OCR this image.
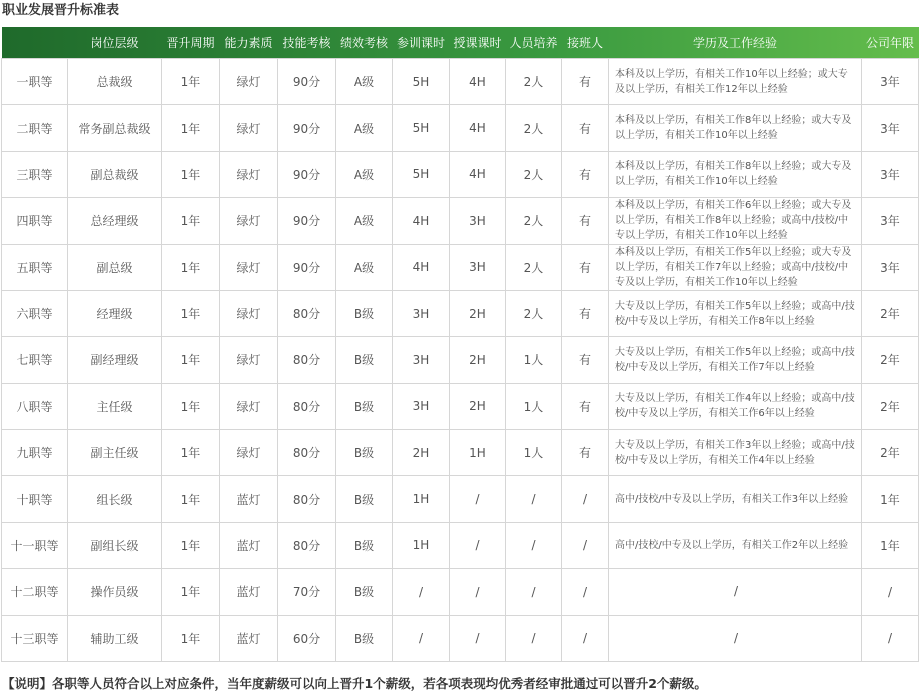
职业发展晋升标准表
	岗位层级	晋升周期	能力素质	技能考核	绩效考核	参训课时	授课课时	人员培养	接班人	学历及工作经验	公司年限
一职等	总裁级	1年	绿灯	90分	A级	5H	4H	2人	有	本科及以上学历，有相关工作10年以上经验；或大专及以上学历，有相关工作12年以上经验	3年
二职等	常务副总裁级	1年	绿灯	90分	A级	5H	4H	2人	有	本科及以上学历，有相关工作8年以上经验；或大专及以上学历，有相关工作10年以上经验	3年
三职等	副总裁级	1年	绿灯	90分	A级	5H	4H	2人	有	本科及以上学历，有相关工作8年以上经验；或大专及以上学历，有相关工作10年以上经验	3年
四职等	总经理级	1年	绿灯	90分	A级	4H	3H	2人	有	本科及以上学历，有相关工作6年以上经验；或大专及以上学历，有相关工作8年以上经验；或高中/技校/中专以上学历，有相关工作10年以上经验	3年
五职等	副总级	1年	绿灯	90分	A级	4H	3H	2人	有	本科及以上学历，有相关工作5年以上经验；或大专及以上学历，有相关工作7年以上经验；或高中/技校/中专及以上学历，有相关工作10年以上经验	3年
六职等	经理级	1年	绿灯	80分	B级	3H	2H	2人	有	大专及以上学历，有相关工作5年以上经验；或高中/技校/中专及以上学历，有相关工作8年以上经验	2年
七职等	副经理级	1年	绿灯	80分	B级	3H	2H	1人	有	大专及以上学历，有相关工作5年以上经验；或高中/技校/中专及以上学历，有相关工作7年以上经验	2年
八职等	主任级	1年	绿灯	80分	B级	3H	2H	1人	有	大专及以上学历，有相关工作4年以上经验；或高中/技校/中专及以上学历，有相关工作6年以上经验	2年
九职等	副主任级	1年	绿灯	80分	B级	2H	1H	1人	有	大专及以上学历，有相关工作3年以上经验；或高中/技校/中专及以上学历，有相关工作4年以上经验	2年
十职等	组长级	1年	蓝灯	80分	B级	1H	/	/	/	高中/技校/中专及以上学历，有相关工作3年以上经验	1年
十一职等	副组长级	1年	蓝灯	80分	B级	1H	/	/	/	高中/技校/中专及以上学历，有相关工作2年以上经验	1年
十二职等	操作员级	1年	蓝灯	70分	B级	/	/	/	/	/	/
十三职等	辅助工级	1年	蓝灯	60分	B级	/	/	/	/	/	/
【说明】各职等人员符合以上对应条件，当年度薪级可以向上晋升1个薪级，若各项表现均优秀者经审批通过可以晋升2个薪级。
